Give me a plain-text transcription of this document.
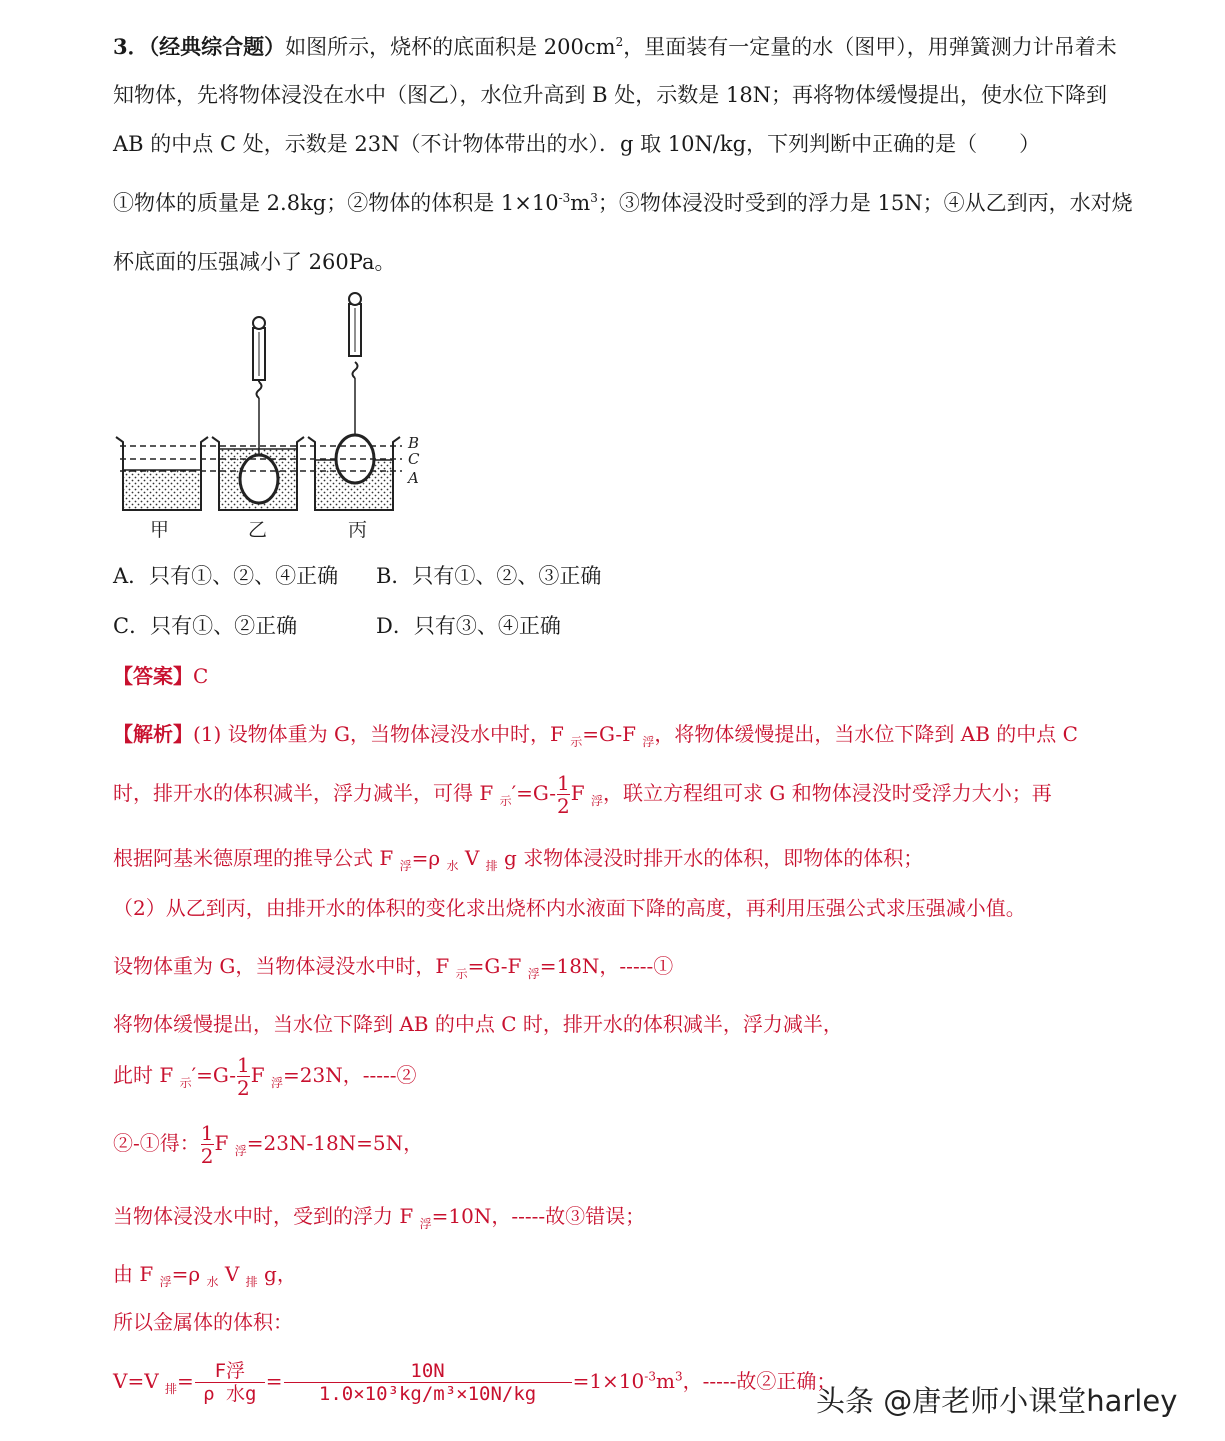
3．（经典综合题）如图所示，烧杯的底面积是 $200cm^2$，里面装有一定量的水（图甲），用弹簧测力计吊着未
知物体，先将物体浸没在水中（图乙），水位升高到 B 处，示数是 18N；再将物体缓慢提出，使水位下降到
AB 的中点 C 处，示数是 23N（不计物体带出的水）．g 取 10N/kg，下列判断中正确的是（　　）
①物体的质量是 2.8kg；②物体的体积是 $1\times 10^{-3}m^3$；③物体浸没时受到的浮力是 15N；④从乙到丙，水对烧
杯底面的压强减小了 260Pa。
B
C
A
甲	乙	丙
A．只有①、②、④正确 B．只有①、②、③正确
C．只有①、②正确	D．只有③、④正确
【答案】C
【解析】(1) 设物体重为 G，当物体浸没水中时，F $_示$=G-F $_浮$，将物体缓慢提出，当水位下降到 AB 的中点 C
时，排开水的体积减半，浮力减半，可得 F $_示'=G- \frac{1}{2}$ F $_浮$，联立方程组可求 G 和物体浸没时受浮力大小；再
根据阿基米德原理的推导公式 F $_浮$=ρ $_水$ V $_排$ g 求物体浸没时排开水的体积，即物体的体积；
（2）从乙到丙，由排开水的体积的变化求出烧杯内水液面下降的高度，再利用压强公式求压强减小值。
设物体重为 G，当物体浸没水中时，F $_示$=G-F $_浮$=18N，-----①
将物体缓慢提出，当水位下降到 AB 的中点 C 时，排开水的体积减半，浮力减半，
此时 F $_示'=G- \frac{1}{2}$ F $_浮$=23N，-----②
②-①得： $\frac{1}{2}$ F $_浮$=23N-18N=5N，
当物体浸没水中时，受到的浮力 F $_浮$=10N，-----故③错误；
由 F $_浮$=ρ $_水$ V $_排$ g，
所以金属体的体积：
V=V $_排= \frac{\text{F浮}}{\text{ρ 水g}} = \frac{10N}{\text{1.0×10³kg/m³×10N/kg}} =1\times 10^{-3}m^3$，-----故②正确；
头条 @唐老师小课堂harley
